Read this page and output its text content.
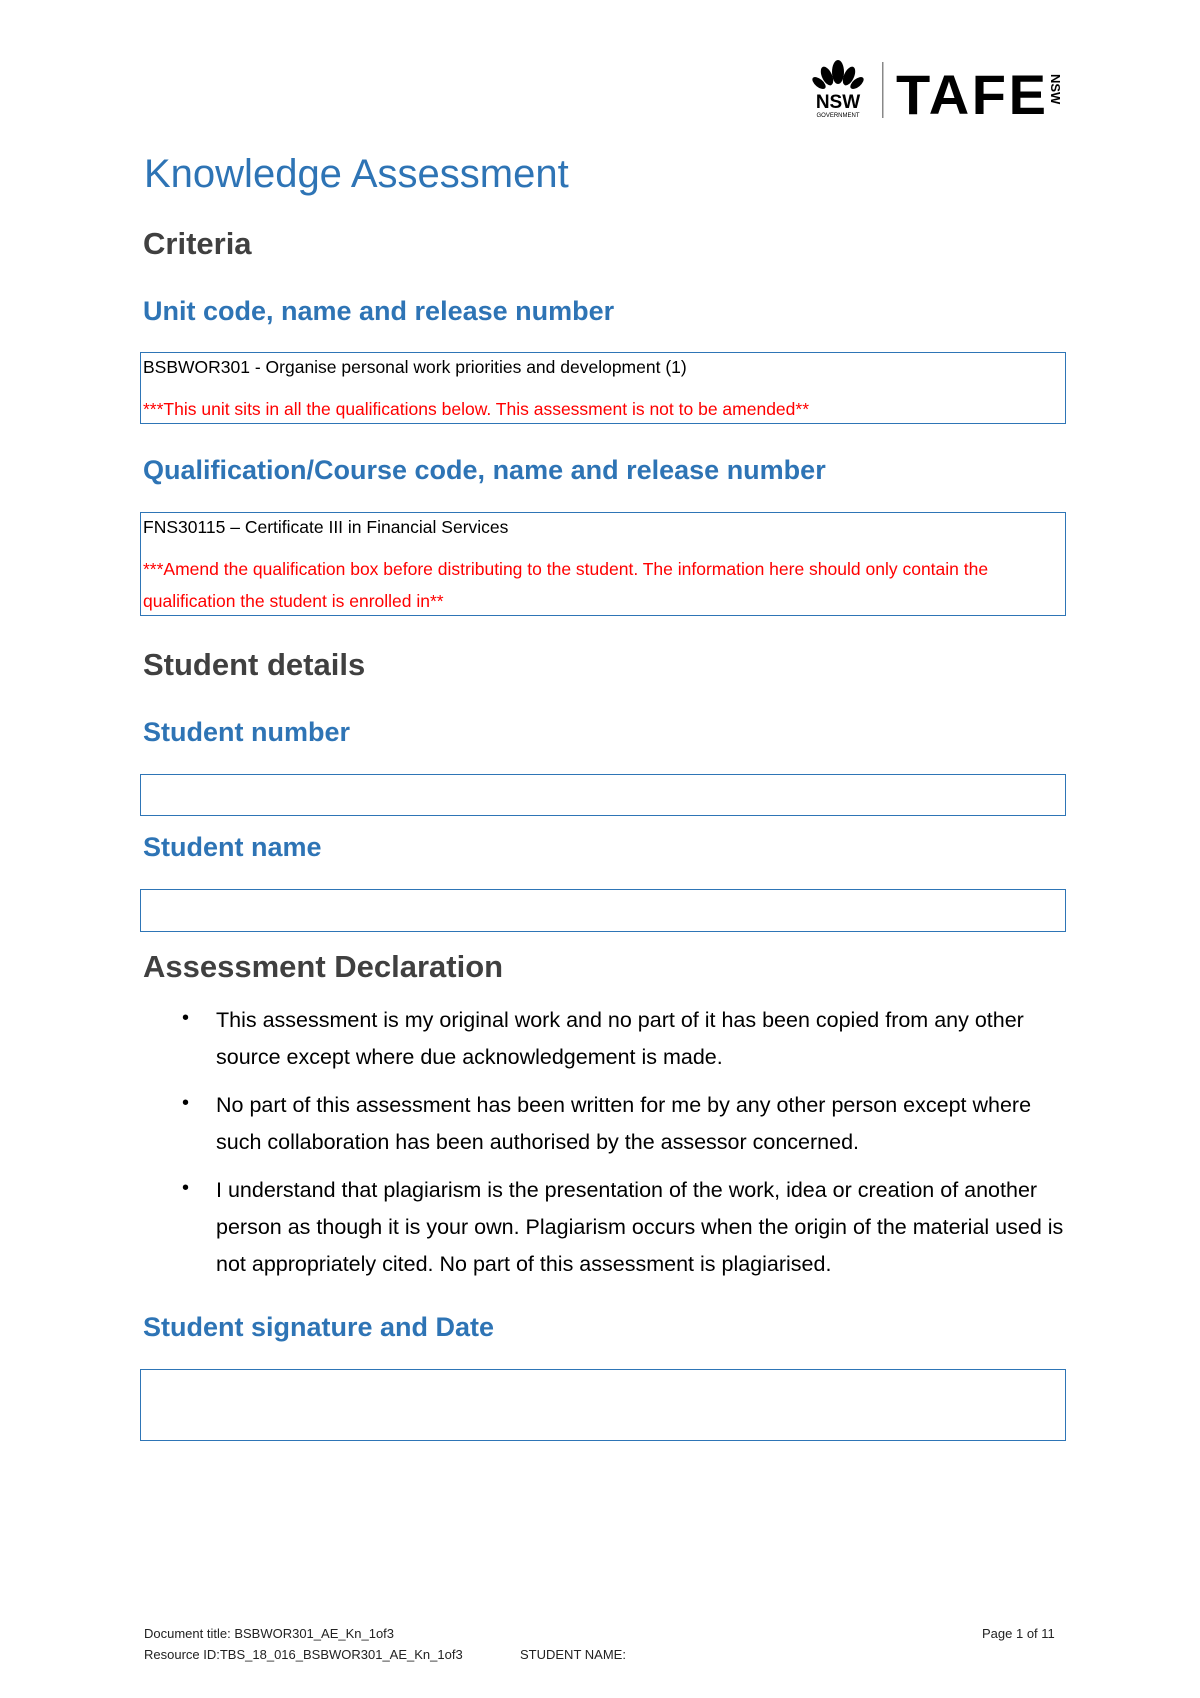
NSW
GOVERNMENT TAFE NSW
Knowledge Assessment
Criteria
Unit code, name and release number
BSBWOR301 - Organise personal work priorities and development (1)
***This unit sits in all the qualifications below. This assessment is not to be amended**
Qualification/Course code, name and release number
FNS30115 – Certificate III in Financial Services
***Amend the qualification box before distributing to the student. The information here should only contain the qualification the student is enrolled in**
Student details
Student number
Student name
Assessment Declaration
• This assessment is my original work and no part of it has been copied from any other source except where due acknowledgement is made.
• No part of this assessment has been written for me by any other person except where such collaboration has been authorised by the assessor concerned.
• I understand that plagiarism is the presentation of the work, idea or creation of another person as though it is your own. Plagiarism occurs when the origin of the material used is not appropriately cited. No part of this assessment is plagiarised.
Student signature and Date
Document title: BSBWOR301_AE_Kn_1of3
Resource ID:TBS_18_016_BSBWOR301_AE_Kn_1of3	STUDENT NAME:
Page 1 of 11
